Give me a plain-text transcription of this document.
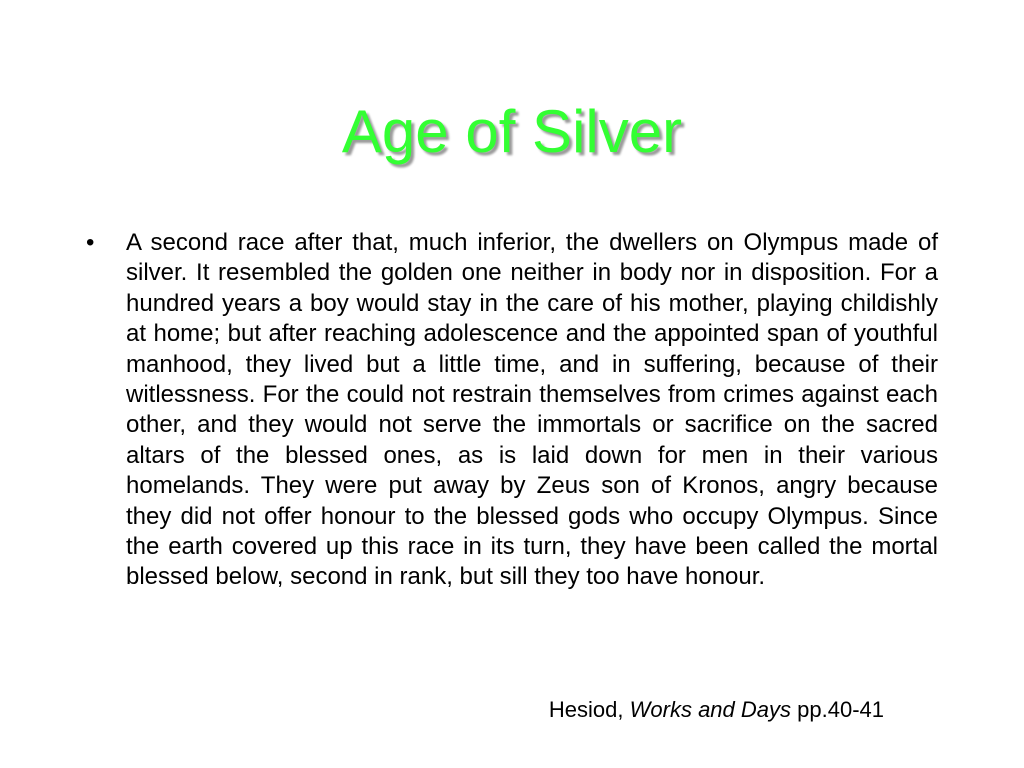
Age of Silver
•	A second race after that, much inferior, the dwellers on Olympus made of silver. It resembled the golden one neither in body nor in disposition. For a hundred years a boy would stay in the care of his mother, playing childishly at home; but after reaching adolescence and the appointed span of youthful manhood, they lived but a little time, and in suffering, because of their witlessness. For the could not restrain themselves from crimes against each other, and they would not serve the immortals or sacrifice on the sacred altars of the blessed ones, as is laid down for men in their various homelands. They were put away by Zeus son of Kronos, angry because they did not offer honour to the blessed gods who occupy Olympus. Since the earth covered up this race in its turn, they have been called the mortal blessed below, second in rank, but sill they too have honour.
Hesiod, Works and Days pp.40-41
